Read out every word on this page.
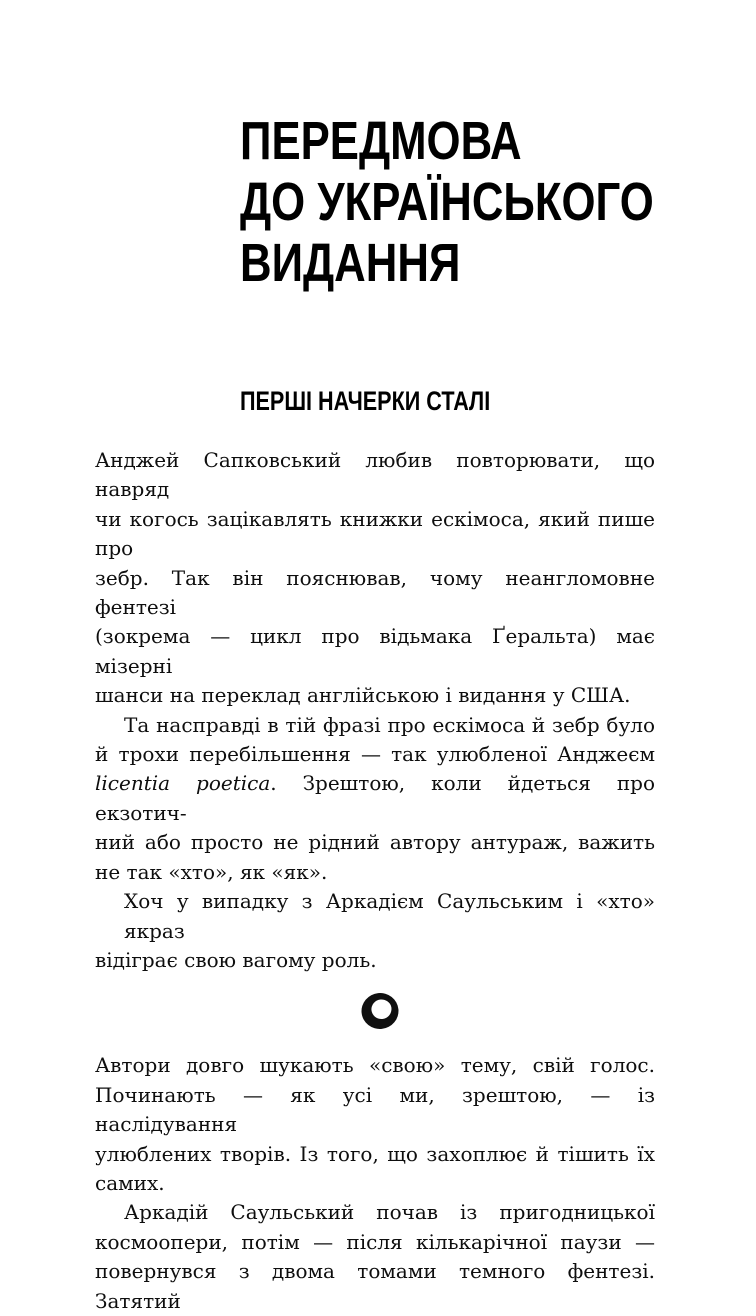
ПЕРЕДМОВА
ДО УКРАЇНСЬКОГО
ВИДАННЯ
ПЕРШІ НАЧЕРКИ СТАЛІ
Анджей Сапковський любив повторювати, що навряд
чи когось зацікавлять книжки ескімоса, який пише про
зебр. Так він пояснював, чому неангломовне фентезі
(зокрема — цикл про відьмака Ґеральта) має мізерні
шанси на переклад англійською і видання у США.
Та насправді в тій фразі про ескімоса й зебр було
й трохи перебільшення — так улюбленої Анджеєм
licentia poetica. Зрештою, коли йдеться про екзотич-
ний або просто не рідний автору антураж, важить
не так «хто», як «як».
Хоч у випадку з Аркадієм Саульським і «хто» якраз
відіграє свою вагому роль.
Автори довго шукають «свою» тему, свій голос.
Починають — як усі ми, зрештою, — із наслідування
улюблених творів. Із того, що захоплює й тішить їх
самих.
Аркадій Саульський почав із пригодницької
космоопери, потім — після кількарічної паузи —
повернувся з двома томами темного фентезі. Затятий
